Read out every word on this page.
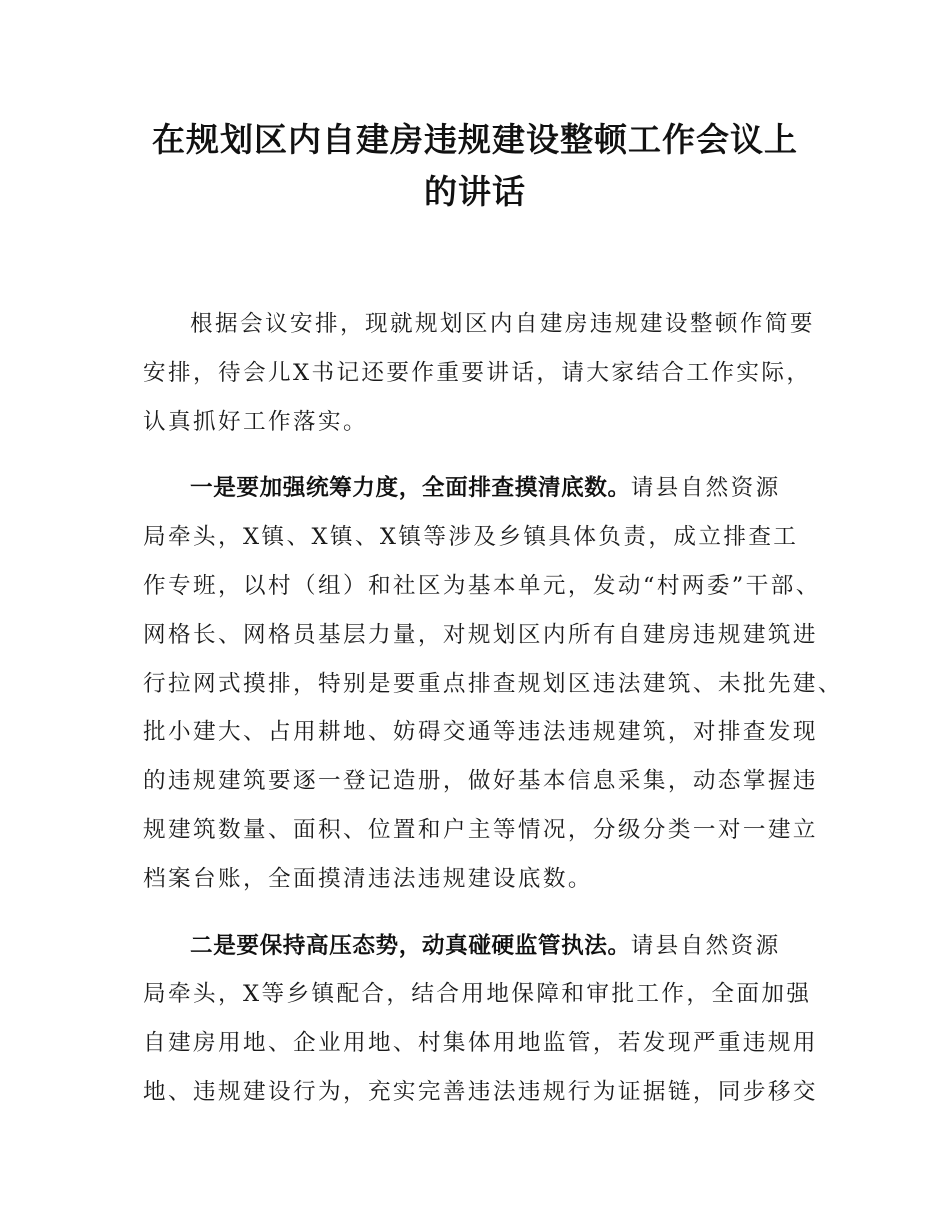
在规划区内自建房违规建设整顿工作会议上
的讲话
根据会议安排，现就规划区内自建房违规建设整顿作简要
安排，待会儿X书记还要作重要讲话，请大家结合工作实际，
认真抓好工作落实。
一是要加强统筹力度，全面排查摸清底数。请县自然资源
局牵头，X镇、X镇、X镇等涉及乡镇具体负责，成立排查工
作专班，以村（组）和社区为基本单元，发动“村两委”干部、
网格长、网格员基层力量，对规划区内所有自建房违规建筑进
行拉网式摸排，特别是要重点排查规划区违法建筑、未批先建、
批小建大、占用耕地、妨碍交通等违法违规建筑，对排查发现
的违规建筑要逐一登记造册，做好基本信息采集，动态掌握违
规建筑数量、面积、位置和户主等情况，分级分类一对一建立
档案台账，全面摸清违法违规建设底数。
二是要保持高压态势，动真碰硬监管执法。请县自然资源
局牵头，X等乡镇配合，结合用地保障和审批工作，全面加强
自建房用地、企业用地、村集体用地监管，若发现严重违规用
地、违规建设行为，充实完善违法违规行为证据链，同步移交
